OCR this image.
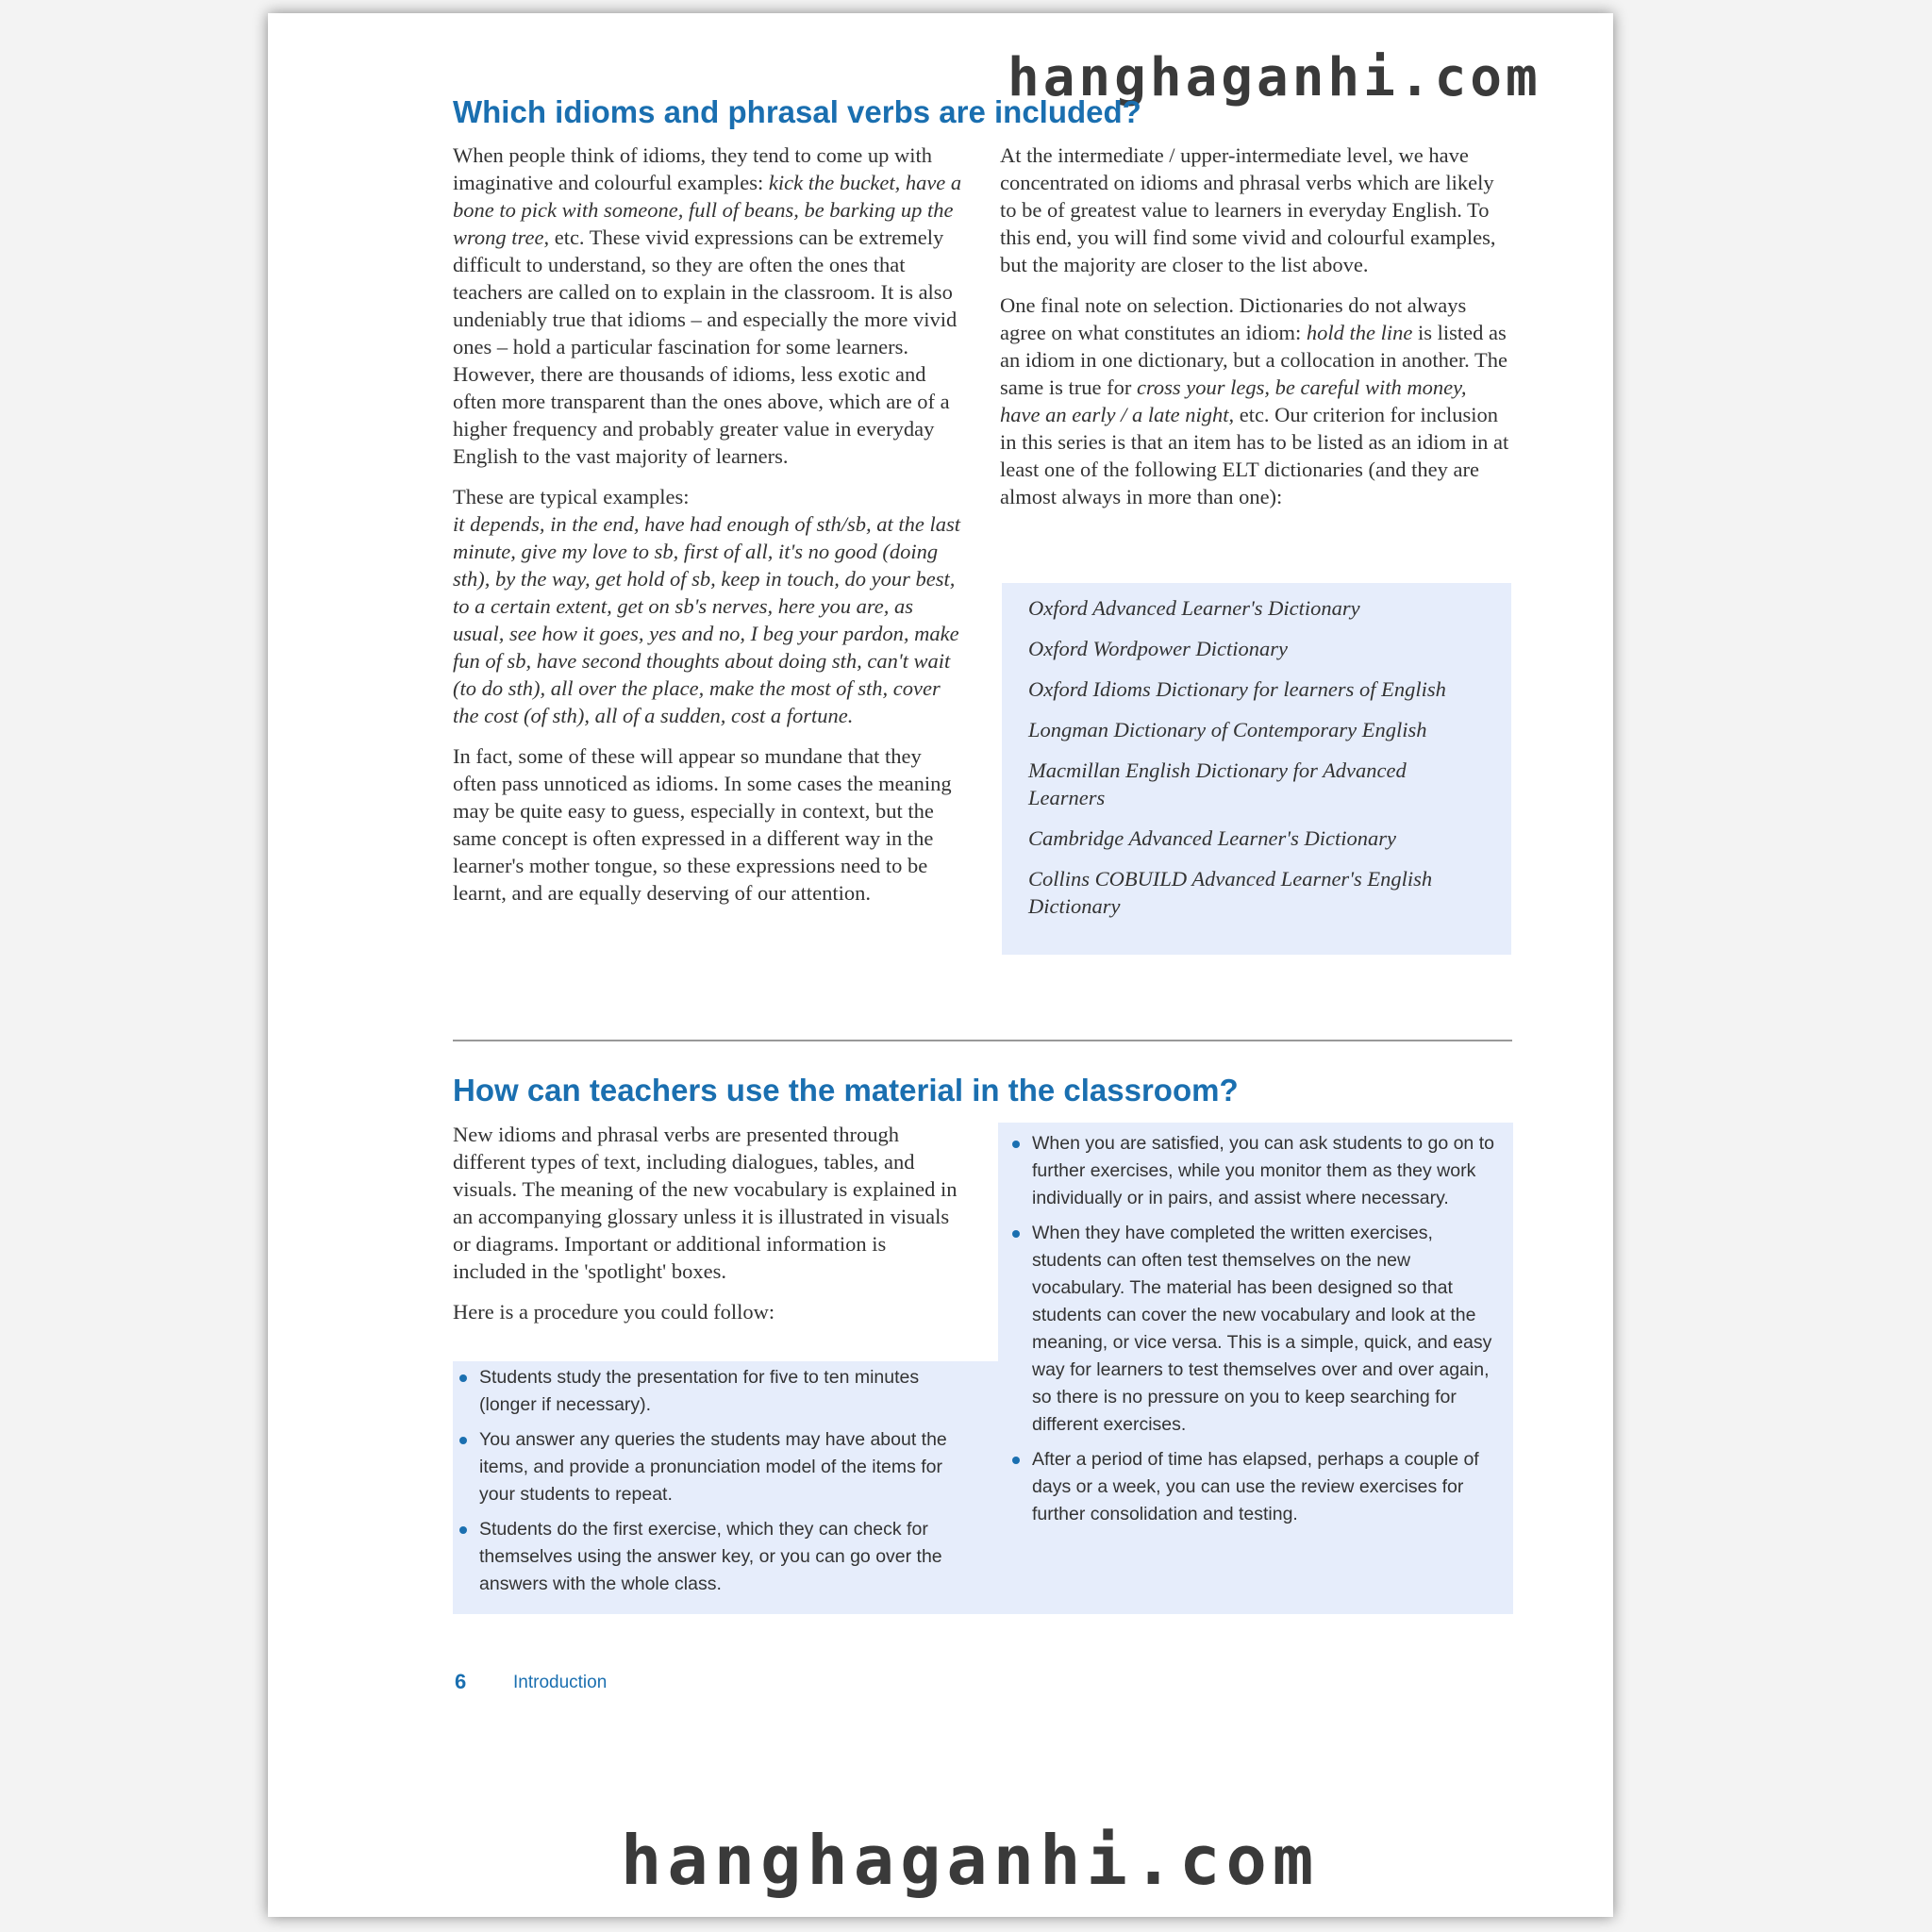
hanghaganhi.com
Which idioms and phrasal verbs are included?

When people think of idioms, they tend to come up with imaginative and colourful examples: kick the bucket, have a bone to pick with someone, full of beans, be barking up the wrong tree, etc. These vivid expressions can be extremely difficult to understand, so they are often the ones that teachers are called on to explain in the classroom. It is also undeniably true that idioms – and especially the more vivid ones – hold a particular fascination for some learners. However, there are thousands of idioms, less exotic and often more transparent than the ones above, which are of a higher frequency and probably greater value in everyday English to the vast majority of learners.

These are typical examples:
it depends, in the end, have had enough of sth/sb, at the last minute, give my love to sb, first of all, it's no good (doing sth), by the way, get hold of sb, keep in touch, do your best, to a certain extent, get on sb's nerves, here you are, as usual, see how it goes, yes and no, I beg your pardon, make fun of sb, have second thoughts about doing sth, can't wait (to do sth), all over the place, make the most of sth, cover the cost (of sth), all of a sudden, cost a fortune.

In fact, some of these will appear so mundane that they often pass unnoticed as idioms. In some cases the meaning may be quite easy to guess, especially in context, but the same concept is often expressed in a different way in the learner's mother tongue, so these expressions need to be learnt, and are equally deserving of our attention.

At the intermediate / upper-intermediate level, we have concentrated on idioms and phrasal verbs which are likely to be of greatest value to learners in everyday English. To this end, you will find some vivid and colourful examples, but the majority are closer to the list above.

One final note on selection. Dictionaries do not always agree on what constitutes an idiom: hold the line is listed as an idiom in one dictionary, but a collocation in another. The same is true for cross your legs, be careful with money, have an early / a late night, etc. Our criterion for inclusion in this series is that an item has to be listed as an idiom in at least one of the following ELT dictionaries (and they are almost always in more than one):

Oxford Advanced Learner's Dictionary
Oxford Wordpower Dictionary
Oxford Idioms Dictionary for learners of English
Longman Dictionary of Contemporary English
Macmillan English Dictionary for Advanced Learners
Cambridge Advanced Learner's Dictionary
Collins COBUILD Advanced Learner's English Dictionary
How can teachers use the material in the classroom?

New idioms and phrasal verbs are presented through different types of text, including dialogues, tables, and visuals. The meaning of the new vocabulary is explained in an accompanying glossary unless it is illustrated in visuals or diagrams. Important or additional information is included in the 'spotlight' boxes.

Here is a procedure you could follow:

Students study the presentation for five to ten minutes (longer if necessary).
You answer any queries the students may have about the items, and provide a pronunciation model of the items for your students to repeat.
Students do the first exercise, which they can check for themselves using the answer key, or you can go over the answers with the whole class.
When you are satisfied, you can ask students to go on to further exercises, while you monitor them as they work individually or in pairs, and assist where necessary.
When they have completed the written exercises, students can often test themselves on the new vocabulary. The material has been designed so that students can cover the new vocabulary and look at the meaning, or vice versa. This is a simple, quick, and easy way for learners to test themselves over and over again, so there is no pressure on you to keep searching for different exercises.
After a period of time has elapsed, perhaps a couple of days or a week, you can use the review exercises for further consolidation and testing.
6	Introduction
hanghaganhi.com
